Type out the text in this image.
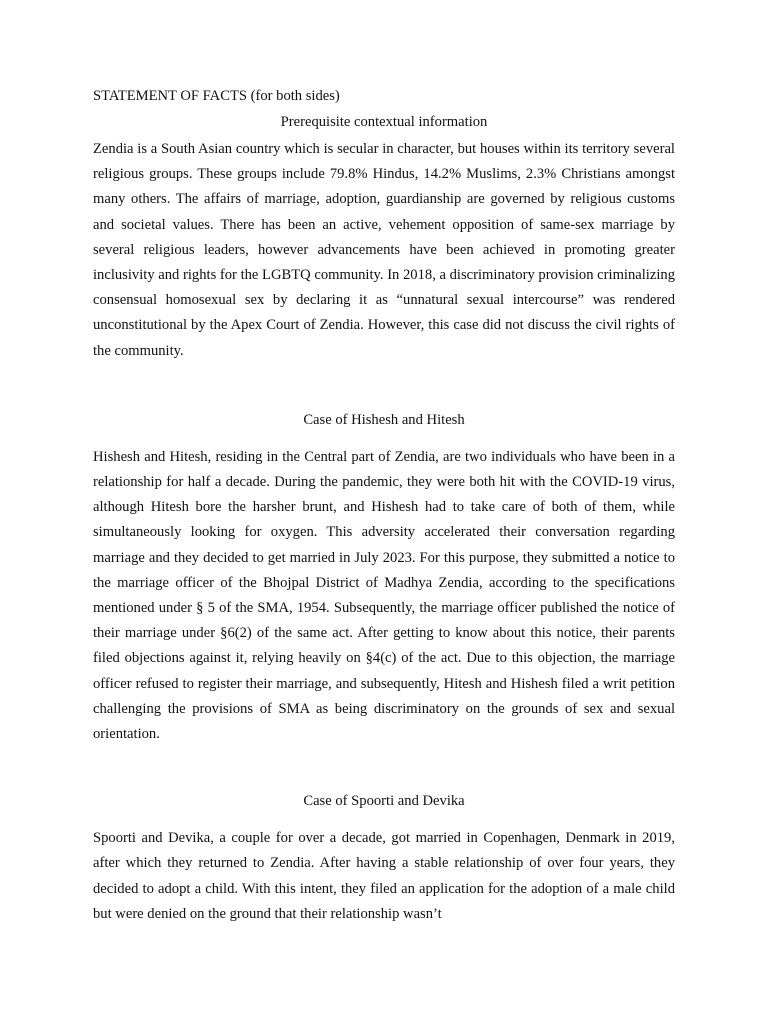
STATEMENT OF FACTS (for both sides)

Prerequisite contextual information

Zendia is a South Asian country which is secular in character, but houses within its territory several religious groups. These groups include 79.8% Hindus, 14.2% Muslims, 2.3% Christians amongst many others. The affairs of marriage, adoption, guardianship are governed by religious customs and societal values. There has been an active, vehement opposition of same-sex marriage by several religious leaders, however advancements have been achieved in promoting greater inclusivity and rights for the LGBTQ community. In 2018, a discriminatory provision criminalizing consensual homosexual sex by declaring it as “unnatural sexual intercourse” was rendered unconstitutional by the Apex Court of Zendia. However, this case did not discuss the civil rights of the community.

Case of Hishesh and Hitesh

Hishesh and Hitesh, residing in the Central part of Zendia, are two individuals who have been in a relationship for half a decade. During the pandemic, they were both hit with the COVID-19 virus, although Hitesh bore the harsher brunt, and Hishesh had to take care of both of them, while simultaneously looking for oxygen. This adversity accelerated their conversation regarding marriage and they decided to get married in July 2023. For this purpose, they submitted a notice to the marriage officer of the Bhojpal District of Madhya Zendia, according to the specifications mentioned under § 5 of the SMA, 1954. Subsequently, the marriage officer published the notice of their marriage under §6(2) of the same act. After getting to know about this notice, their parents filed objections against it, relying heavily on §4(c) of the act. Due to this objection, the marriage officer refused to register their marriage, and subsequently, Hitesh and Hishesh filed a writ petition challenging the provisions of SMA as being discriminatory on the grounds of sex and sexual orientation.

Case of Spoorti and Devika

Spoorti and Devika, a couple for over a decade, got married in Copenhagen, Denmark in 2019, after which they returned to Zendia. After having a stable relationship of over four years, they decided to adopt a child. With this intent, they filed an application for the adoption of a male child but were denied on the ground that their relationship wasn’t
